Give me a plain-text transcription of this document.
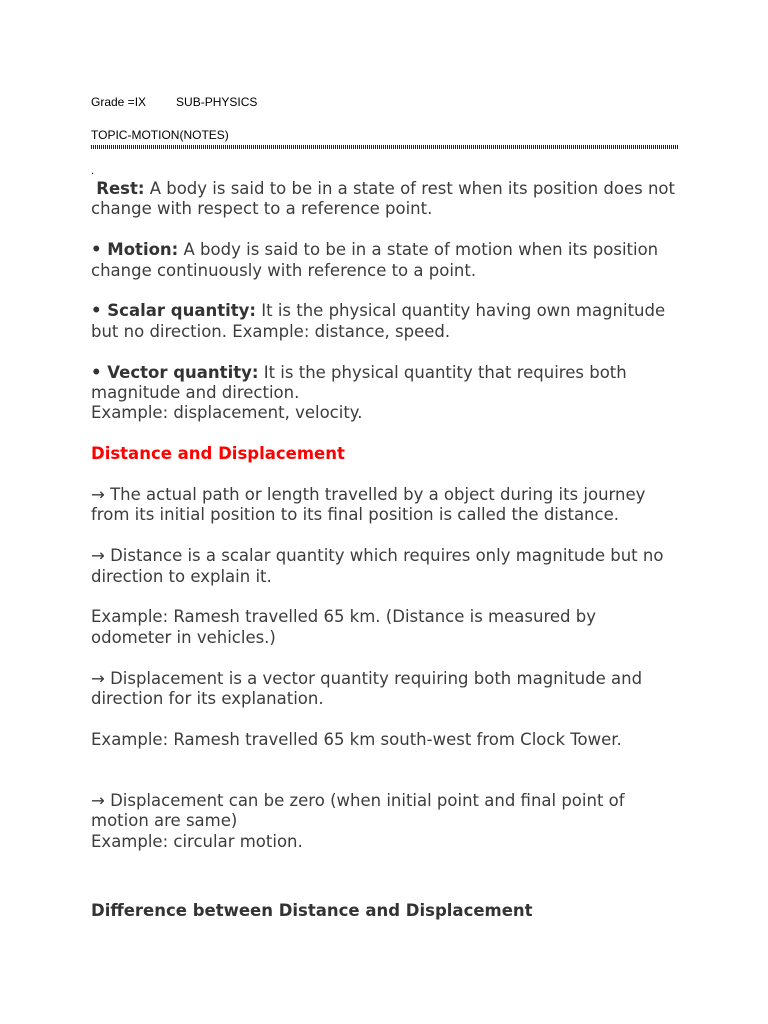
Grade =IX	SUB-PHYSICS
TOPIC-MOTION(NOTES)
.

Rest: A body is said to be in a state of rest when its position does not change with respect to a reference point.

• Motion: A body is said to be in a state of motion when its position change continuously with reference to a point.

• Scalar quantity: It is the physical quantity having own magnitude but no direction. Example: distance, speed.

• Vector quantity: It is the physical quantity that requires both magnitude and direction.

Example: displacement, velocity.

Distance and Displacement

→ The actual path or length travelled by a object during its journey from its initial position to its final position is called the distance.

→ Distance is a scalar quantity which requires only magnitude but no direction to explain it.

Example: Ramesh travelled 65 km. (Distance is measured by odometer in vehicles.)

→ Displacement is a vector quantity requiring both magnitude and direction for its explanation.

Example: Ramesh travelled 65 km south-west from Clock Tower.

→ Displacement can be zero (when initial point and final point of motion are same)

Example: circular motion.

Difference between Distance and Displacement
